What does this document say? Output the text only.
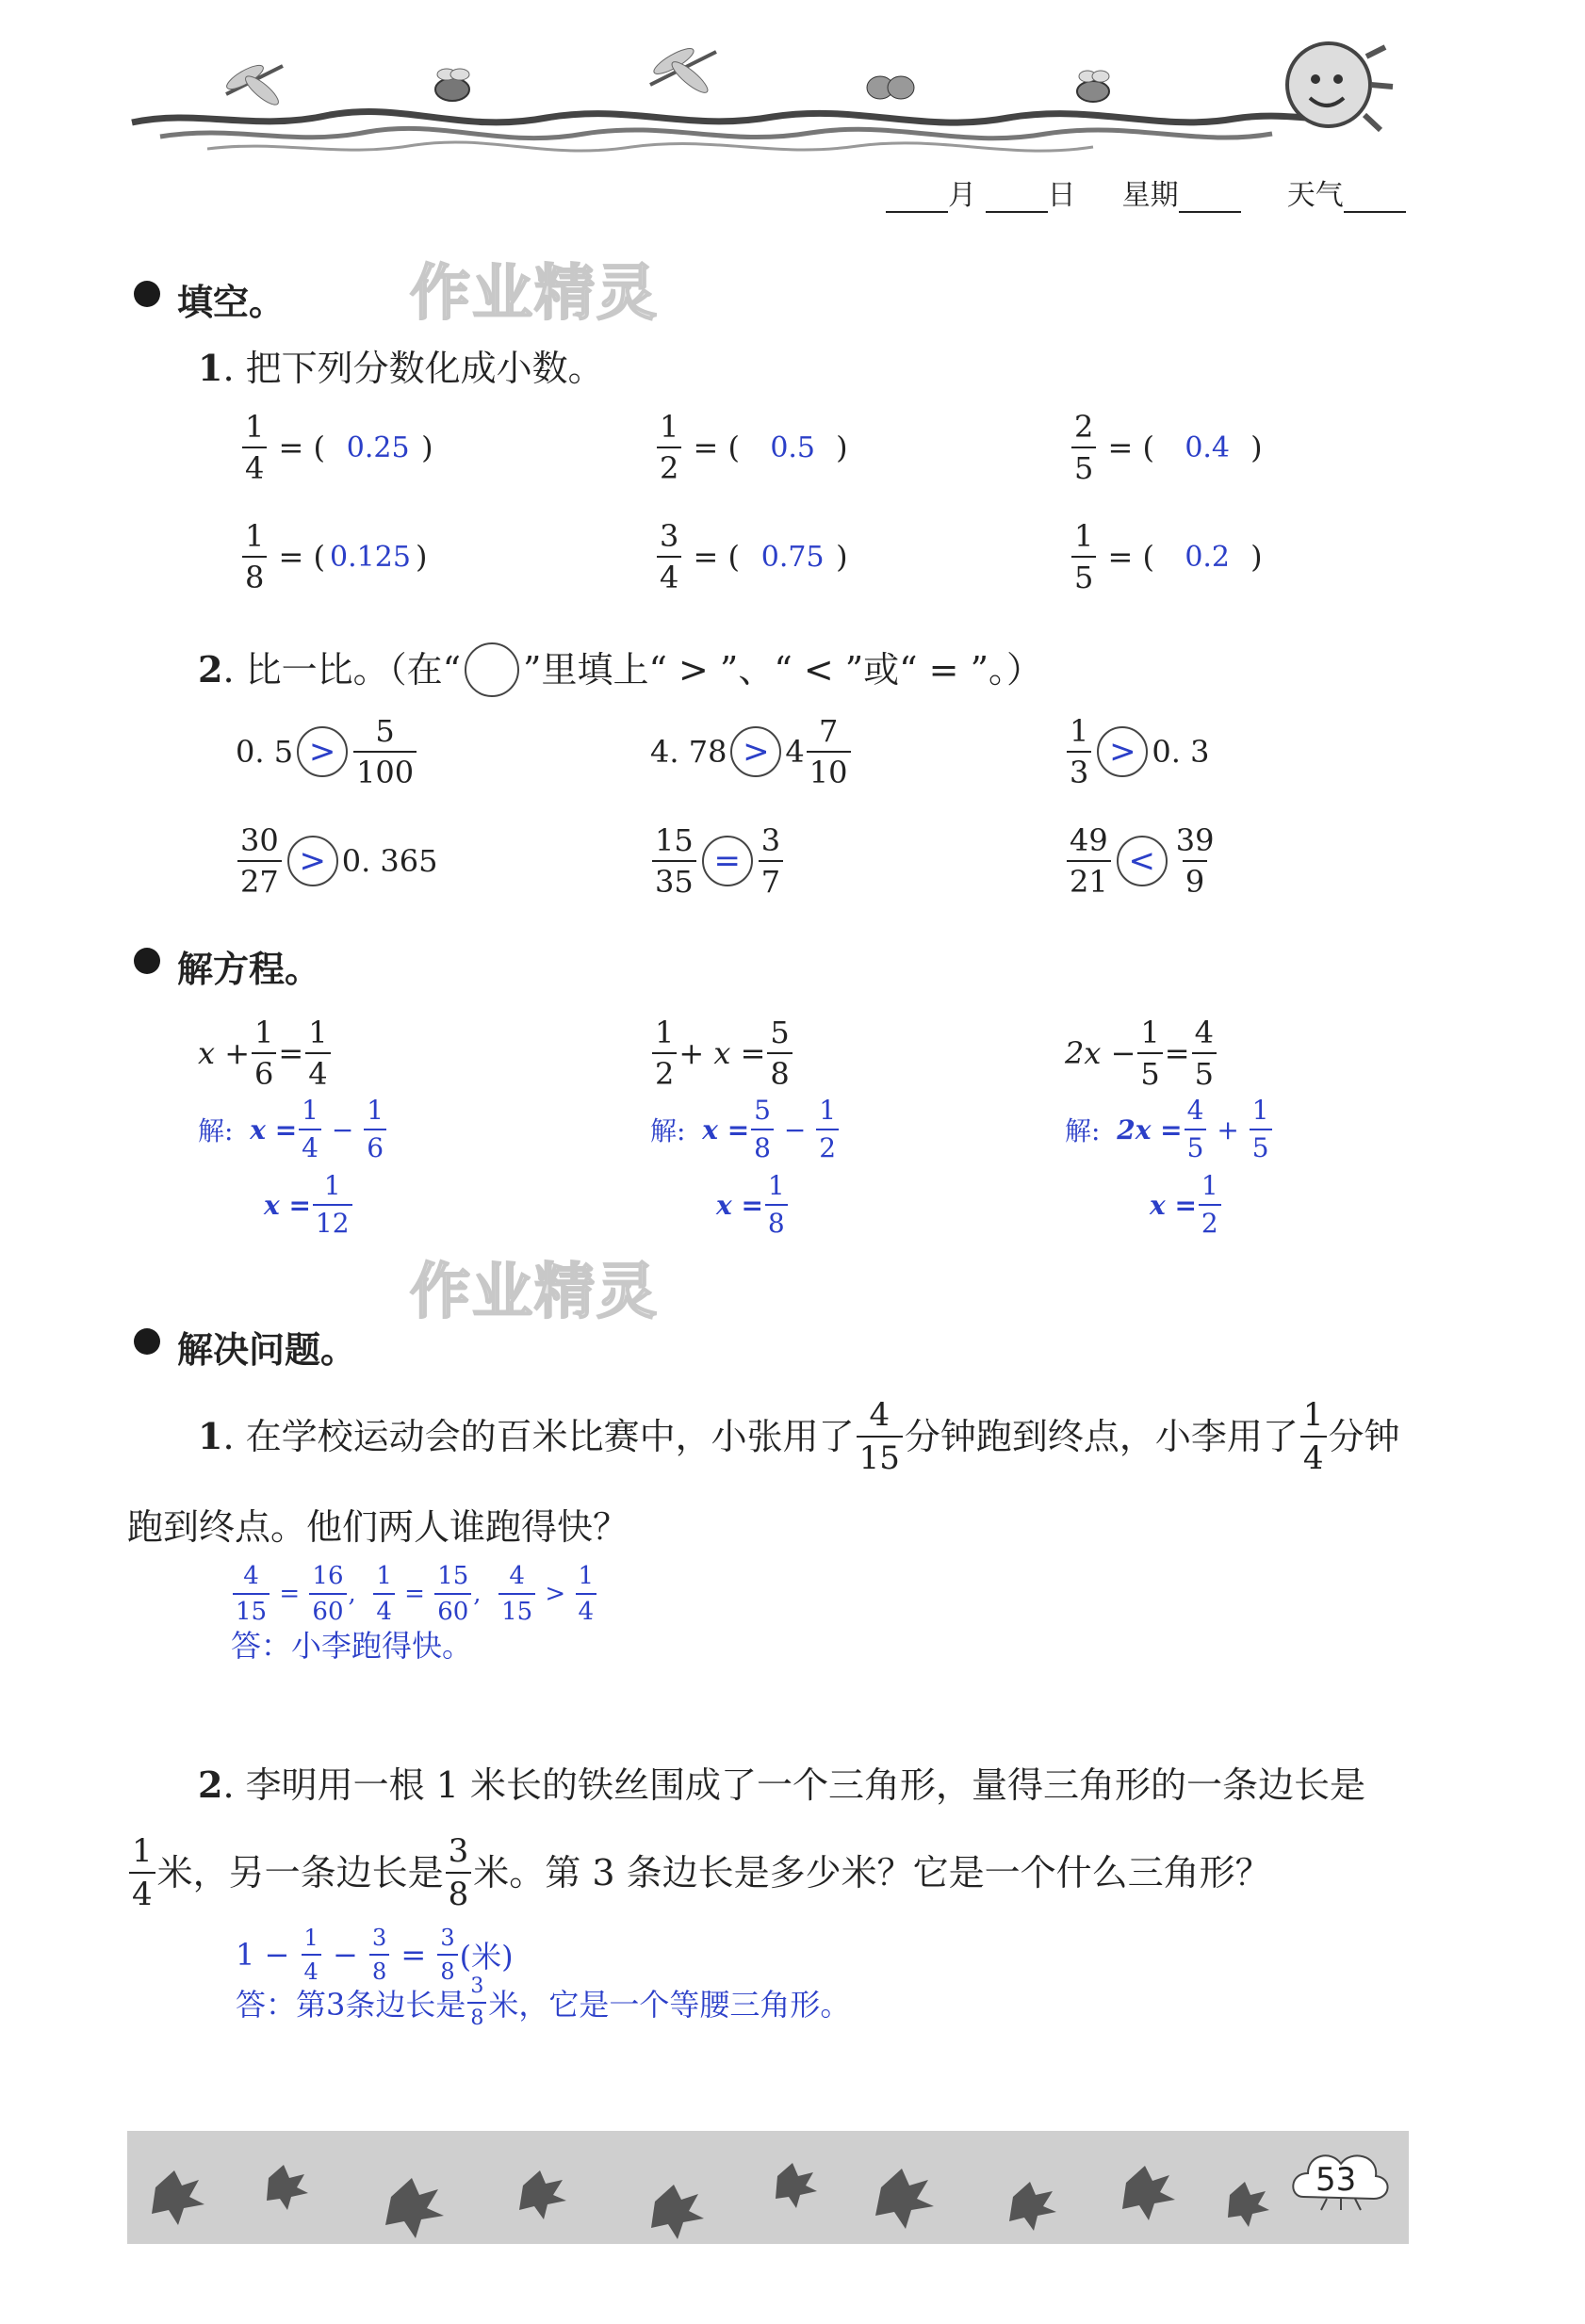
月	日 星期	天气
作业精灵
作业精灵
填空。
1. 把下列分数化成小数。
$\frac{1}{4}$ = ( 0.25 )	$\frac{1}{2}$ = ( 0.5 )	$\frac{2}{5}$ = ( 0.4 )
$\frac{1}{8}$ = ( 0.125 )	$\frac{3}{4}$ = ( 0.75 )	$\frac{1}{5}$ = ( 0.2 )
2 . 比一比。（在“ ”里填上“ > ”、“ < ”或“ = ”。）
0. $5 > \frac{5}{100}$	4. $78 > 4 \frac{7}{10}$	$\frac{1}{3} > 0$. 3
$\frac{30}{27} > 0$. 365	$\frac{15}{35} = \frac{3}{7}$	$\frac{49}{21} < \frac{39}{9}$
解方程。
$x + \frac{1}{6} = \frac{1}{4}$
解:
$x = \frac{1}{4} - \frac{1}{6}$
$x = \frac{1}{12}$
$\frac{1}{2} + x = \frac{5}{8}$
解:
$x = \frac{5}{8} - \frac{1}{2}$
$x = \frac{1}{8}$
$2x - \frac{1}{5} = \frac{4}{5}$
解:
$2x = \frac{4}{5} + \frac{1}{5}$
$x = \frac{1}{2}$
解决问题。
1 . 在学校运动会的百米比赛中，小张用了 $\frac{4}{15}$ 分钟跑到终点，小李用了 $\frac{1}{4}$ 分钟
跑到终点。他们两人谁跑得快？
$\frac{4}{15} = \frac{16}{60}$ , $\frac{1}{4} = \frac{15}{60}$ , $\frac{4}{15} > \frac{1}{4}$
答：小李跑得快。
2. 李明用一根 1 米长的铁丝围成了一个三角形，量得三角形的一条边长是
$\frac{1}{4}$ 米，另一条边长是 $\frac{3}{8}$ 米。第 3 条边长是多少米？它是一个什么三角形？
1 −
$\frac{1}{4} - \frac{3}{8} = \frac{3}{8}$ (米)
答：第3条边长是 $\frac{3}{8}$ 米，它是一个等腰三角形。
53
